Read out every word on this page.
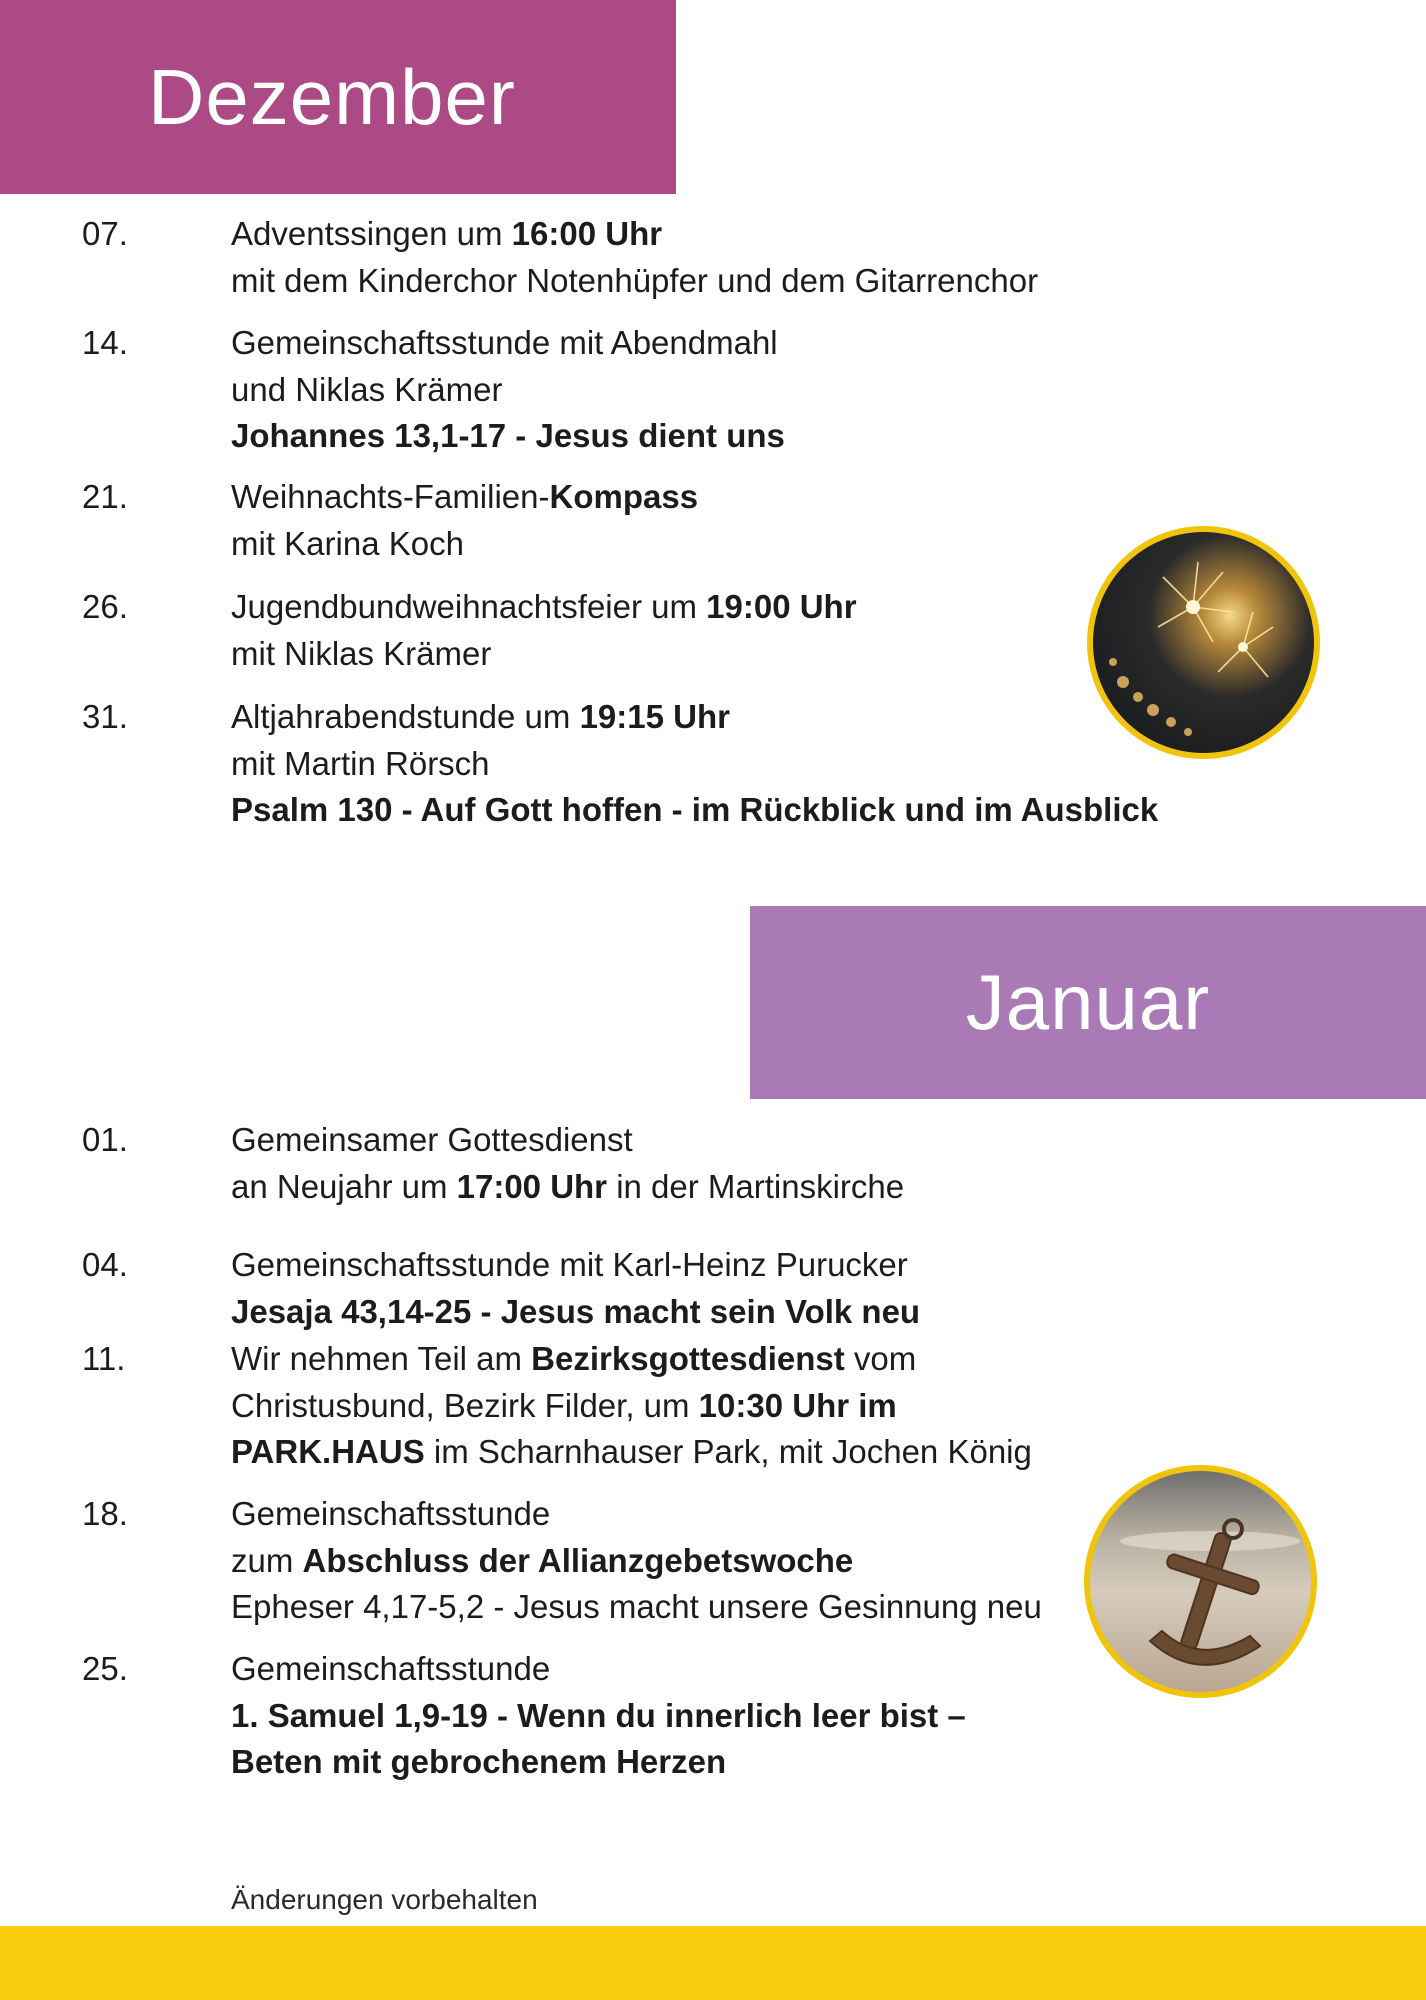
Dezember
07.	Adventssingen um 16:00 Uhr
mit dem Kinderchor Notenhüpfer und dem Gitarrenchor
14.	Gemeinschaftsstunde mit Abendmahl
und Niklas Krämer
Johannes 13,1-17 - Jesus dient uns
21.	Weihnachts-Familien-Kompass
mit Karina Koch
26.	Jugendbundweihnachtsfeier um 19:00 Uhr
mit Niklas Krämer
31.	Altjahrabendstunde um 19:15 Uhr
mit Martin Rörsch
Psalm 130 - Auf Gott hoffen - im Rückblick und im Ausblick
Januar
01.	Gemeinsamer Gottesdienst
an Neujahr um 17:00 Uhr in der Martinskirche
04.	Gemeinschaftsstunde mit Karl-Heinz Purucker
Jesaja 43,14-25 - Jesus macht sein Volk neu
11.	Wir nehmen Teil am Bezirksgottesdienst vom
Christusbund, Bezirk Filder, um 10:30 Uhr im
PARK.HAUS im Scharnhauser Park, mit Jochen König
18.	Gemeinschaftsstunde
zum Abschluss der Allianzgebetswoche
Epheser 4,17-5,2 - Jesus macht unsere Gesinnung neu
25.	Gemeinschaftsstunde
1. Samuel 1,9-19 - Wenn du innerlich leer bist –
Beten mit gebrochenem Herzen
Änderungen vorbehalten
